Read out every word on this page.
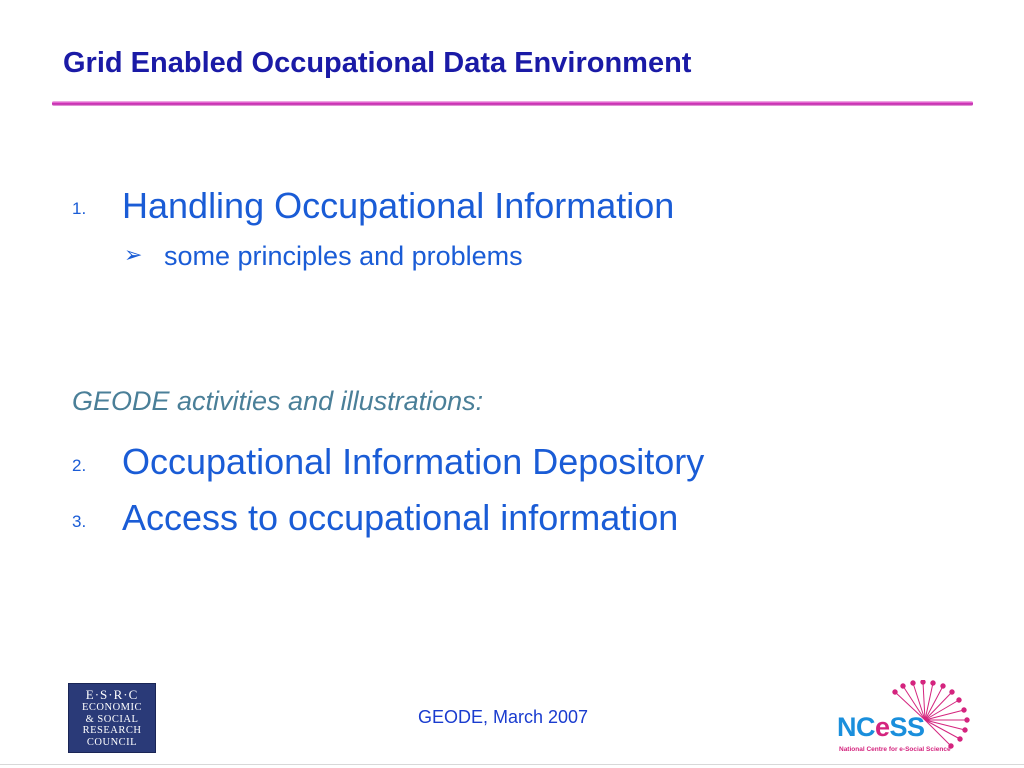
Grid Enabled Occupational Data Environment
1. Handling Occupational Information
➢ some principles and problems
GEODE activities and illustrations:
2. Occupational Information Depository
3. Access to occupational information
E·S·R·C
ECONOMIC
& SOCIAL
RESEARCH
COUNCIL
GEODE, March 2007	NCeSS
National Centre for e-Social Science
